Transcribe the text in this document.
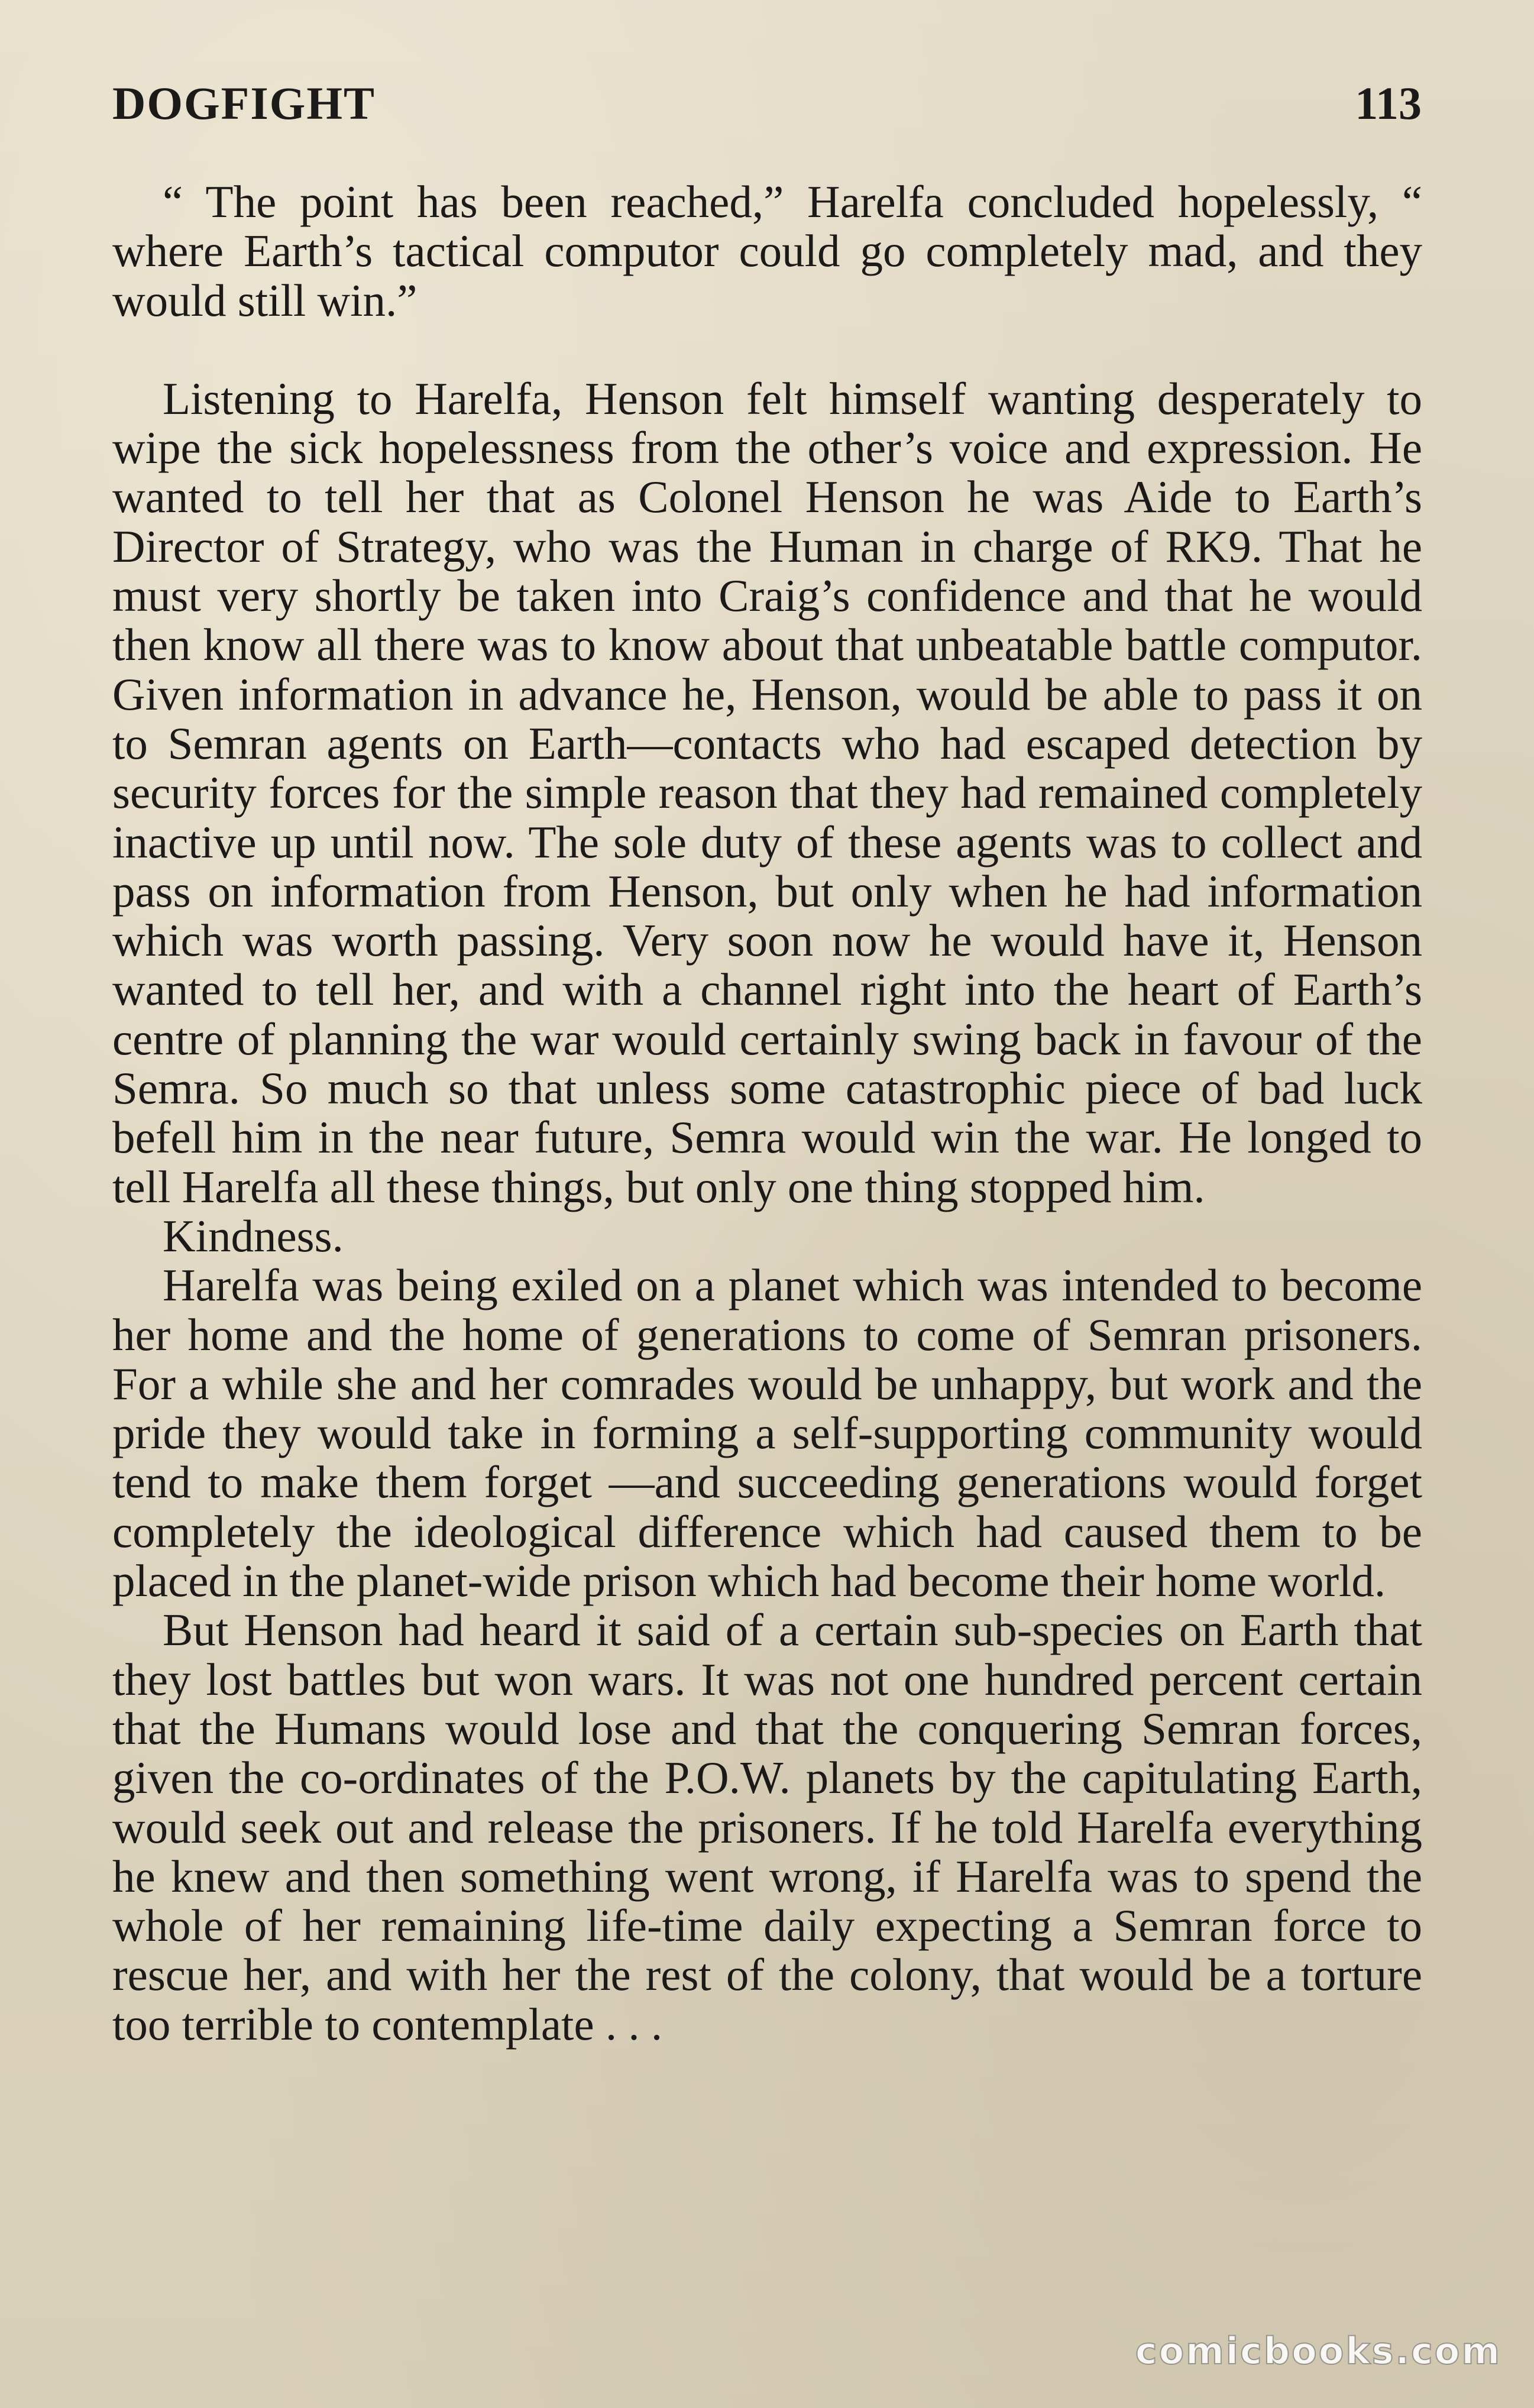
DOGFIGHT	113

“ The point has been reached,” Harelfa concluded hopelessly, “ where Earth’s tactical computor could go completely mad, and they would still win.”

Listening to Harelfa, Henson felt himself wanting desperately to wipe the sick hopelessness from the other’s voice and expression. He wanted to tell her that as Colonel Henson he was Aide to Earth’s Director of Strategy, who was the Human in charge of RK9. That he must very shortly be taken into Craig’s confidence and that he would then know all there was to know about that unbeatable battle computor. Given information in advance he, Henson, would be able to pass it on to Semran agents on Earth—contacts who had escaped detection by security forces for the simple reason that they had remained completely inactive up until now. The sole duty of these agents was to collect and pass on information from Henson, but only when he had information which was worth passing. Very soon now he would have it, Henson wanted to tell her, and with a channel right into the heart of Earth’s centre of planning the war would certainly swing back in favour of the Semra. So much so that unless some catastrophic piece of bad luck befell him in the near future, Semra would win the war. He longed to tell Harelfa all these things, but only one thing stopped him.

Kindness.

Harelfa was being exiled on a planet which was intended to become her home and the home of generations to come of Semran prisoners. For a while she and her comrades would be unhappy, but work and the pride they would take in forming a self-supporting community would tend to make them forget —and succeeding generations would forget completely the ideological difference which had caused them to be placed in the planet-wide prison which had become their home world.

But Henson had heard it said of a certain sub-species on Earth that they lost battles but won wars. It was not one hundred percent certain that the Humans would lose and that the conquering Semran forces, given the co-ordinates of the P.O.W. planets by the capitulating Earth, would seek out and release the prisoners. If he told Harelfa everything he knew and then something went wrong, if Harelfa was to spend the whole of her remaining life-time daily expecting a Semran force to rescue her, and with her the rest of the colony, that would be a torture too terrible to contemplate . . .

comicbooks.com
